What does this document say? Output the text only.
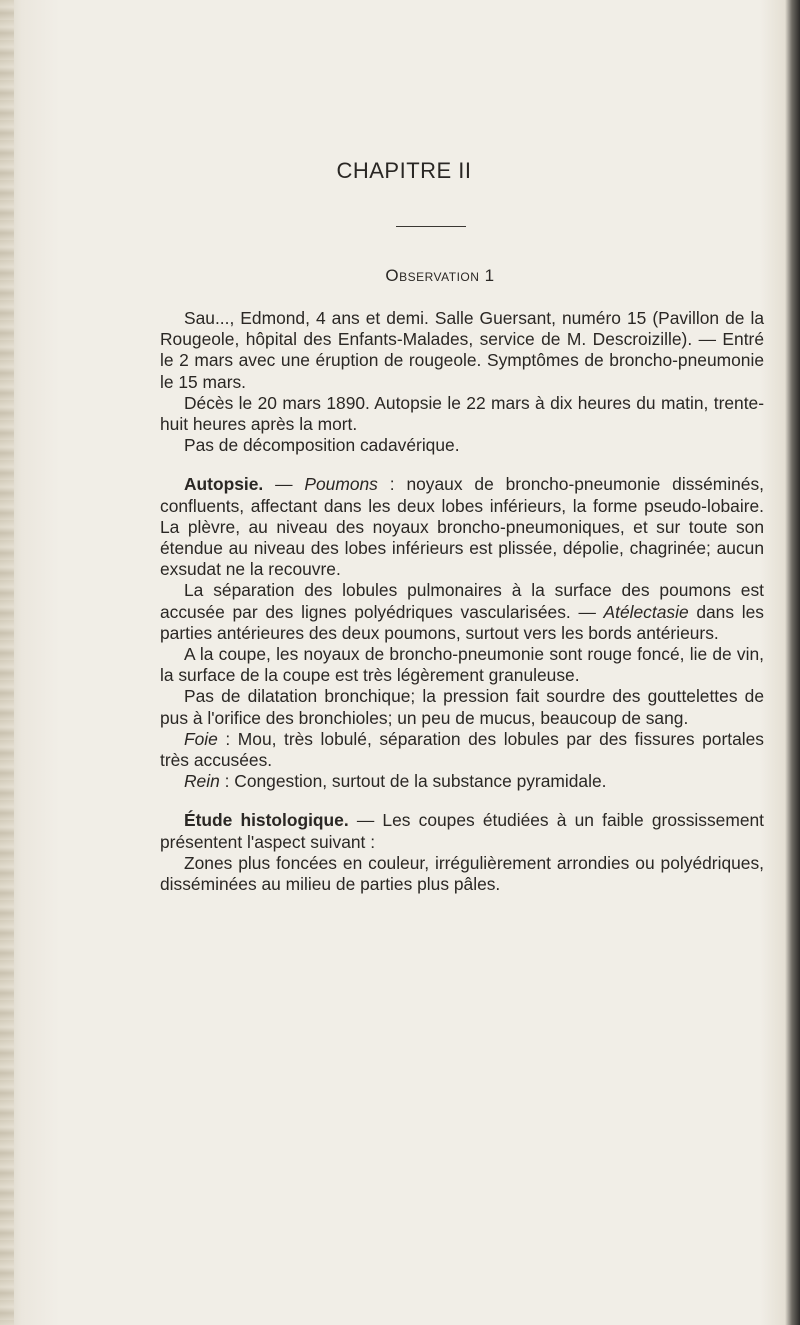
CHAPITRE II
Observation 1

Sau..., Edmond, 4 ans et demi. Salle Guersant, numéro 15 (Pavillon de la Rougeole, hôpital des Enfants-Malades, service de M. Descroizille). — Entré le 2 mars avec une éruption de rougeole. Symptômes de broncho-pneumonie le 15 mars.

Décès le 20 mars 1890. Autopsie le 22 mars à dix heures du matin, trente-huit heures après la mort.

Pas de décomposition cadavérique.

Autopsie. — Poumons : noyaux de broncho-pneumonie disséminés, confluents, affectant dans les deux lobes inférieurs, la forme pseudo-lobaire. La plèvre, au niveau des noyaux broncho-pneumoniques, et sur toute son étendue au niveau des lobes inférieurs est plissée, dépolie, chagrinée; aucun exsudat ne la recouvre.

La séparation des lobules pulmonaires à la surface des poumons est accusée par des lignes polyédriques vascularisées. — Atélectasie dans les parties antérieures des deux poumons, surtout vers les bords antérieurs.

A la coupe, les noyaux de broncho-pneumonie sont rouge foncé, lie de vin, la surface de la coupe est très légèrement granuleuse.

Pas de dilatation bronchique; la pression fait sourdre des gouttelettes de pus à l'orifice des bronchioles; un peu de mucus, beaucoup de sang.

Foie : Mou, très lobulé, séparation des lobules par des fissures portales très accusées.

Rein : Congestion, surtout de la substance pyramidale.

Étude histologique. — Les coupes étudiées à un faible grossissement présentent l'aspect suivant :

Zones plus foncées en couleur, irrégulièrement arrondies ou polyédriques, disséminées au milieu de parties plus pâles.
